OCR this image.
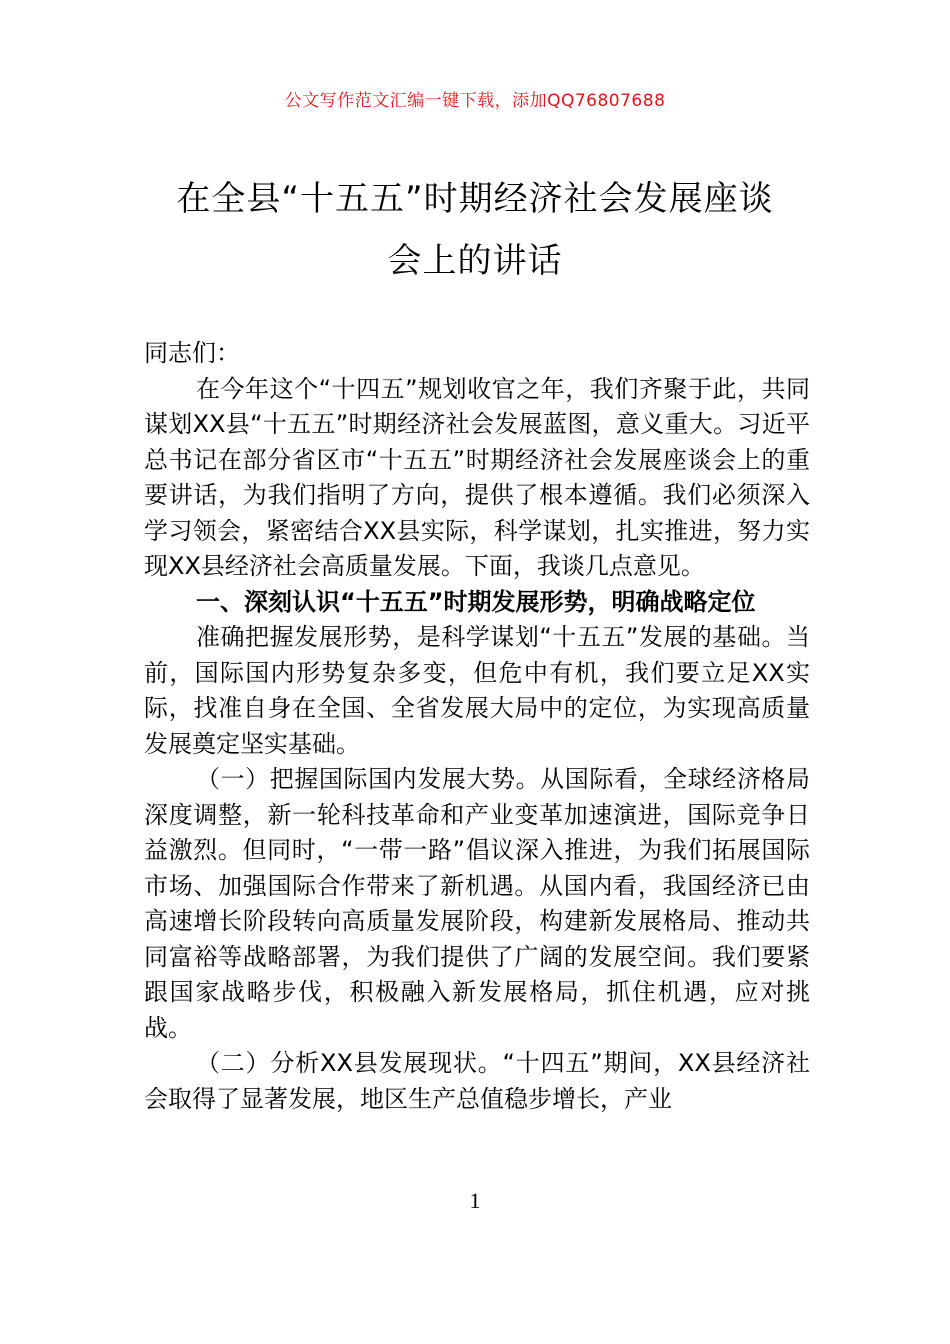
公文写作范文汇编一键下载，添加QQ76807688
在全县“十五五”时期经济社会发展座谈
会上的讲话

同志们：

在今年这个“十四五”规划收官之年，我们齐聚于此，共同谋划XX县“十五五”时期经济社会发展蓝图，意义重大。习近平总书记在部分省区市“十五五”时期经济社会发展座谈会上的重要讲话，为我们指明了方向，提供了根本遵循。我们必须深入学习领会，紧密结合XX县实际，科学谋划，扎实推进，努力实现XX县经济社会高质量发展。下面，我谈几点意见。

一、深刻认识“十五五”时期发展形势，明确战略定位

准确把握发展形势，是科学谋划“十五五”发展的基础。当前，国际国内形势复杂多变，但危中有机，我们要立足XX实际，找准自身在全国、全省发展大局中的定位，为实现高质量发展奠定坚实基础。

（一）把握国际国内发展大势。从国际看，全球经济格局深度调整，新一轮科技革命和产业变革加速演进，国际竞争日益激烈。但同时，“一带一路”倡议深入推进，为我们拓展国际市场、加强国际合作带来了新机遇。从国内看，我国经济已由高速增长阶段转向高质量发展阶段，构建新发展格局、推动共同富裕等战略部署，为我们提供了广阔的发展空间。我们要紧跟国家战略步伐，积极融入新发展格局，抓住机遇，应对挑战。

（二）分析XX县发展现状。“十四五”期间，XX县经济社会取得了显著发展，地区生产总值稳步增长，产业

1
